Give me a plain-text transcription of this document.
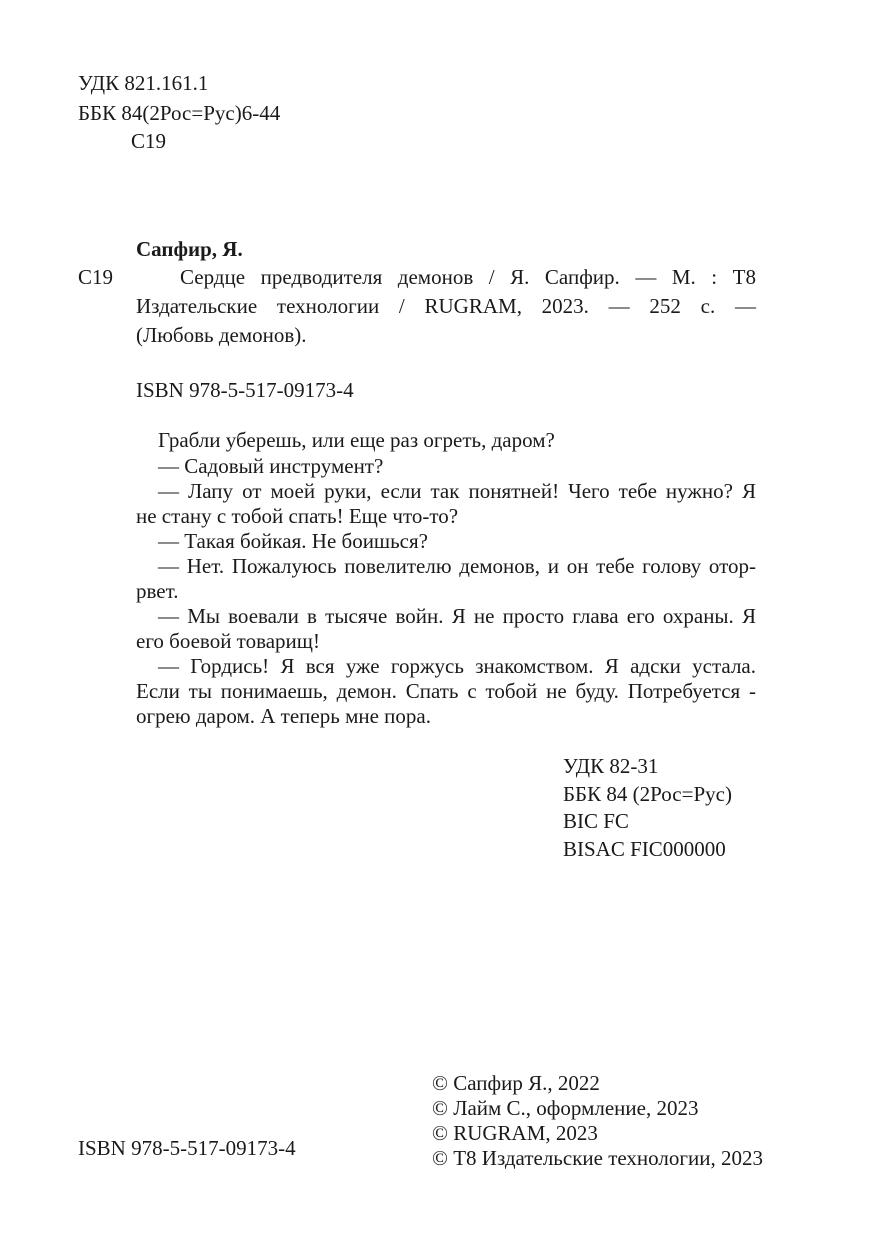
УДК 821.161.1
ББК 84(2Рос=Рус)6-44
С19
Сапфир, Я.
С19	Сердце предводителя демонов / Я. Сапфир. — М. : Т8
Издательские технологии / RUGRAM, 2023. — 252 с. —
(Любовь демонов).
ISBN 978-5-517-09173-4
Грабли уберешь, или еще раз огреть, даром?
— Садовый инструмент?
— Лапу от моей руки, если так понятней! Чего тебе нужно? Я
не стану с тобой спать! Еще что-то?
— Такая бойкая. Не боишься?
— Нет. Пожалуюсь повелителю демонов, и он тебе голову отор-
рвет.
— Мы воевали в тысяче войн. Я не просто глава его охраны. Я
его боевой товарищ!
— Гордись! Я вся уже горжусь знакомством. Я адски устала.
Если ты понимаешь, демон. Спать с тобой не буду. Потребуется -
огрею даром. А теперь мне пора.
УДК 82-31
ББК 84 (2Рос=Рус)
BIC FC
BISAC FIC000000
© Сапфир Я., 2022
© Лайм С., оформление, 2023
© RUGRAM, 2023
ISBN 978-5-517-09173-4	© Т8 Издательские технологии, 2023
